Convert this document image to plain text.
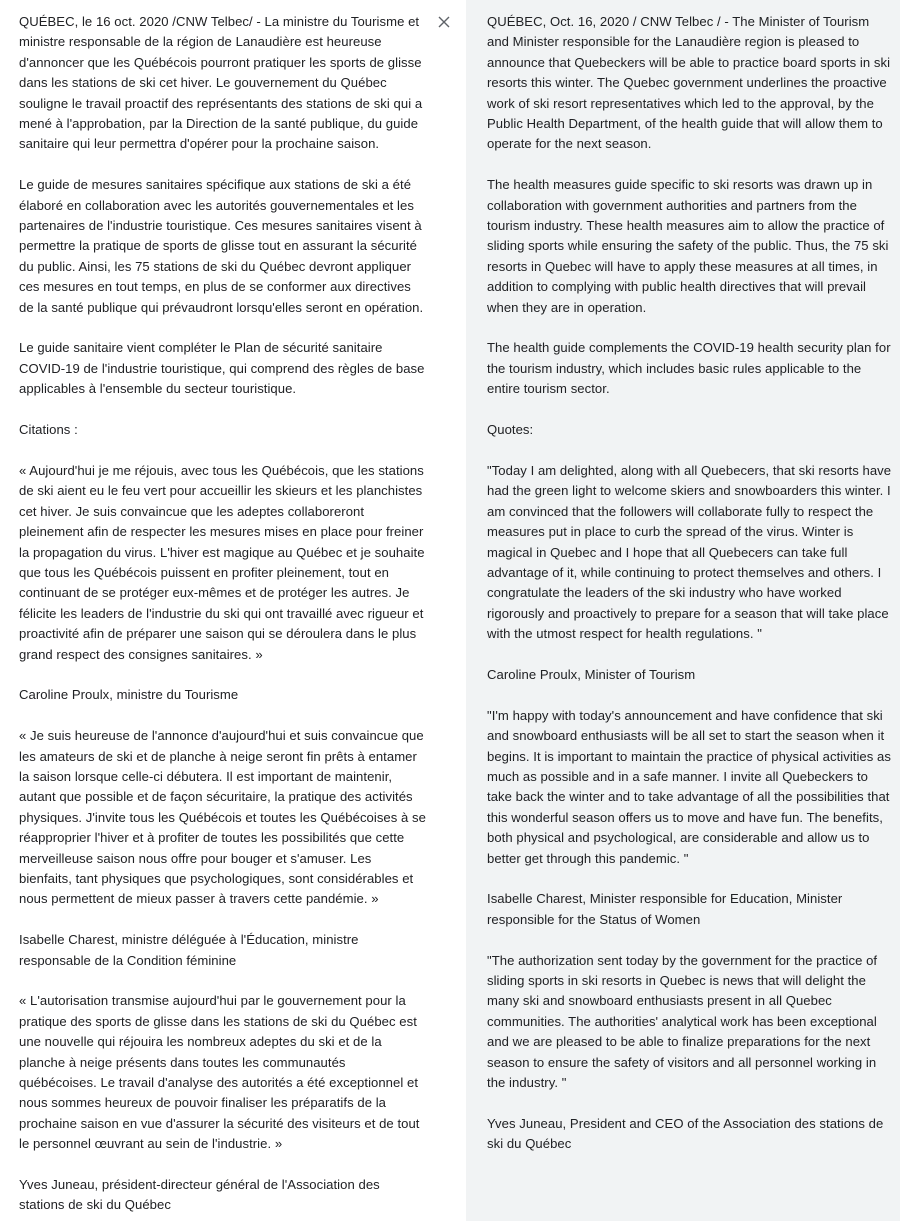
QUÉBEC, le 16 oct. 2020 /CNW Telbec/ - La ministre du Tourisme et ministre responsable de la région de Lanaudière est heureuse d'annoncer que les Québécois pourront pratiquer les sports de glisse dans les stations de ski cet hiver. Le gouvernement du Québec souligne le travail proactif des représentants des stations de ski qui a mené à l'approbation, par la Direction de la santé publique, du guide sanitaire qui leur permettra d'opérer pour la prochaine saison.

Le guide de mesures sanitaires spécifique aux stations de ski a été élaboré en collaboration avec les autorités gouvernementales et les partenaires de l'industrie touristique. Ces mesures sanitaires visent à permettre la pratique de sports de glisse tout en assurant la sécurité du public. Ainsi, les 75 stations de ski du Québec devront appliquer ces mesures en tout temps, en plus de se conformer aux directives de la santé publique qui prévaudront lorsqu'elles seront en opération.

Le guide sanitaire vient compléter le Plan de sécurité sanitaire COVID-19 de l'industrie touristique, qui comprend des règles de base applicables à l'ensemble du secteur touristique.

Citations :

« Aujourd'hui je me réjouis, avec tous les Québécois, que les stations de ski aient eu le feu vert pour accueillir les skieurs et les planchistes cet hiver. Je suis convaincue que les adeptes collaboreront pleinement afin de respecter les mesures mises en place pour freiner la propagation du virus. L'hiver est magique au Québec et je souhaite que tous les Québécois puissent en profiter pleinement, tout en continuant de se protéger eux-mêmes et de protéger les autres. Je félicite les leaders de l'industrie du ski qui ont travaillé avec rigueur et proactivité afin de préparer une saison qui se déroulera dans le plus grand respect des consignes sanitaires. »

Caroline Proulx, ministre du Tourisme

« Je suis heureuse de l'annonce d'aujourd'hui et suis convaincue que les amateurs de ski et de planche à neige seront fin prêts à entamer la saison lorsque celle-ci débutera. Il est important de maintenir, autant que possible et de façon sécuritaire, la pratique des activités physiques. J'invite tous les Québécois et toutes les Québécoises à se réapproprier l'hiver et à profiter de toutes les possibilités que cette merveilleuse saison nous offre pour bouger et s'amuser. Les bienfaits, tant physiques que psychologiques, sont considérables et nous permettent de mieux passer à travers cette pandémie. »

Isabelle Charest, ministre déléguée à l'Éducation, ministre responsable de la Condition féminine

« L'autorisation transmise aujourd'hui par le gouvernement pour la pratique des sports de glisse dans les stations de ski du Québec est une nouvelle qui réjouira les nombreux adeptes du ski et de la planche à neige présents dans toutes les communautés québécoises. Le travail d'analyse des autorités a été exceptionnel et nous sommes heureux de pouvoir finaliser les préparatifs de la prochaine saison en vue d'assurer la sécurité des visiteurs et de tout le personnel œuvrant au sein de l'industrie. »

Yves Juneau, président-directeur général de l'Association des stations de ski du Québec

QUÉBEC, Oct. 16, 2020 / CNW Telbec / - The Minister of Tourism and Minister responsible for the Lanaudière region is pleased to announce that Quebeckers will be able to practice board sports in ski resorts this winter. The Quebec government underlines the proactive work of ski resort representatives which led to the approval, by the Public Health Department, of the health guide that will allow them to operate for the next season.

The health measures guide specific to ski resorts was drawn up in collaboration with government authorities and partners from the tourism industry. These health measures aim to allow the practice of sliding sports while ensuring the safety of the public. Thus, the 75 ski resorts in Quebec will have to apply these measures at all times, in addition to complying with public health directives that will prevail when they are in operation.

The health guide complements the COVID-19 health security plan for the tourism industry, which includes basic rules applicable to the entire tourism sector.

Quotes:

"Today I am delighted, along with all Quebecers, that ski resorts have had the green light to welcome skiers and snowboarders this winter. I am convinced that the followers will collaborate fully to respect the measures put in place to curb the spread of the virus. Winter is magical in Quebec and I hope that all Quebecers can take full advantage of it, while continuing to protect themselves and others. I congratulate the leaders of the ski industry who have worked rigorously and proactively to prepare for a season that will take place with the utmost respect for health regulations. "

Caroline Proulx, Minister of Tourism

"I'm happy with today's announcement and have confidence that ski and snowboard enthusiasts will be all set to start the season when it begins. It is important to maintain the practice of physical activities as much as possible and in a safe manner. I invite all Quebeckers to take back the winter and to take advantage of all the possibilities that this wonderful season offers us to move and have fun. The benefits, both physical and psychological, are considerable and allow us to better get through this pandemic. "

Isabelle Charest, Minister responsible for Education, Minister responsible for the Status of Women

"The authorization sent today by the government for the practice of sliding sports in ski resorts in Quebec is news that will delight the many ski and snowboard enthusiasts present in all Quebec communities. The authorities' analytical work has been exceptional and we are pleased to be able to finalize preparations for the next season to ensure the safety of visitors and all personnel working in the industry. "

Yves Juneau, President and CEO of the Association des stations de ski du Québec
